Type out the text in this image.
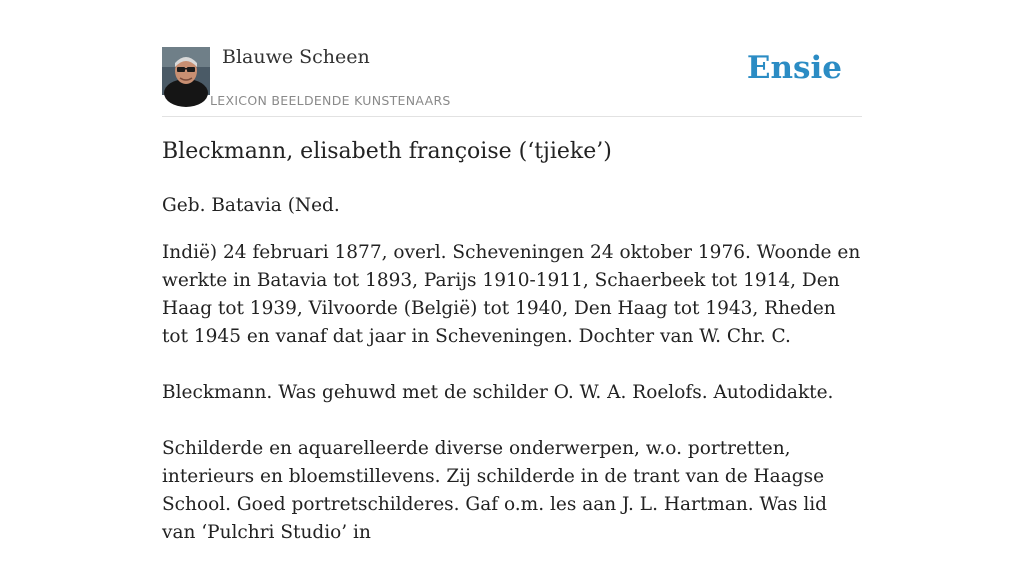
Blauwe Scheen
LEXICON BEELDENDE KUNSTENAARS
Ensie
Bleckmann, elisabeth françoise (‘tjieke’)

Geb. Batavia (Ned.

Indië) 24 februari 1877, overl. Scheveningen 24 oktober 1976. Woonde en werkte in Batavia tot 1893, Parijs 1910-1911, Schaerbeek tot 1914, Den Haag tot 1939, Vilvoorde (België) tot 1940, Den Haag tot 1943, Rheden tot 1945 en vanaf dat jaar in Scheveningen. Dochter van W. Chr. C.

Bleckmann. Was gehuwd met de schilder O. W. A. Roelofs. Autodidakte.

Schilderde en aquarelleerde diverse onderwerpen, w.o. portretten, interieurs en bloemstillevens. Zij schilderde in de trant van de Haagse School. Goed portretschilderes. Gaf o.m. les aan J. L. Hartman. Was lid van ‘Pulchri Studio’ in
